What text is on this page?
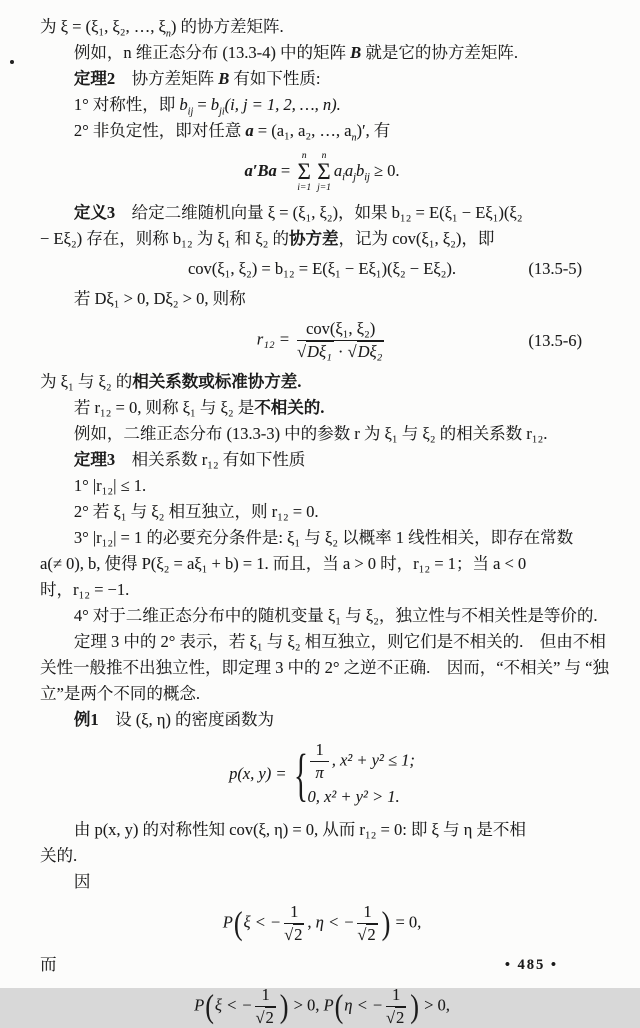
为 ξ = (ξ₁, ξ₂, …, $\xi_n$) 的协方差矩阵.

例如，n 维正态分布 (13.3-4) 中的矩阵 B 就是它的协方差矩阵.

定理2　协方差矩阵 B 有如下性质:

1° 对称性，即 $b_{ij} = b_{ji}(i$, j = 1, 2, …, n).

2° 非负定性，即对任意 a = (a₁, a₂, …, $a_n)'$, 有

a′Ba =
n
Σ
i=1
n
Σ
j=1
$a_ia_jb_{ij} \ge 0$.

定义3　给定二维随机向量 ξ = (ξ₁, ξ₂)，如果 b₁₂ = E(ξ₁ − Eξ₁)(ξ₂

− Eξ₂) 存在，则称 b₁₂ 为 ξ₁ 和 ξ₂ 的协方差，记为 cov(ξ₁, ξ₂)，即

cov(ξ₁, ξ₂) = b₁₂ = E(ξ₁ − Eξ₁)(ξ₂ − Eξ₂).	(13.5-5)

若 Dξ₁ > 0, Dξ₂ > 0, 则称

$r_{12} = \frac{\text{cov(ξ₁, ξ₂)}}{\text{√Dξ₁ · √Dξ₂}}$	(13.5-6)

为 ξ₁ 与 ξ₂ 的相关系数或标准协方差.

若 r₁₂ = 0, 则称 ξ₁ 与 ξ₂ 是不相关的.

例如，二维正态分布 (13.3-3) 中的参数 r 为 ξ₁ 与 ξ₂ 的相关系数 r₁₂.

定理3　相关系数 r₁₂ 有如下性质

1° |r₁₂| ≤ 1.

2° 若 ξ₁ 与 ξ₂ 相互独立，则 r₁₂ = 0.

3° |r₁₂| = 1 的必要充分条件是: ξ₁ 与 ξ₂ 以概率 1 线性相关，即存在常数

a(≠ 0), b, 使得 P(ξ₂ = aξ₁ + b) = 1. 而且，当 a > 0 时，r₁₂ = 1；当 a < 0

时，r₁₂ = −1.

4° 对于二维正态分布中的随机变量 ξ₁ 与 ξ₂，独立性与不相关性是等价的.

定理 3 中的 2° 表示，若 ξ₁ 与 ξ₂ 相互独立，则它们是不相关的.　但由不相

关性一般推不出独立性，即定理 3 中的 2° 之逆不正确.　因而，“不相关” 与 “独

立”是两个不同的概念.

例1　设 (ξ, η) 的密度函数为

p(x, y) = { $\frac{1}{\pi}$ , x² + y² ≤ 1;
0, x² + y² > 1.

由 p(x, y) 的对称性知 cov(ξ, η) = 0, 从而 r₁₂ = 0: 即 ξ 与 η 是不相

关的.

因

P(ξ < − $\frac{1}{√2}$ , η < − $\frac{1}{√2}$ ) = 0,

而

P(ξ < − $\frac{1}{√2}$ ) > 0, P(η < − $\frac{1}{√2}$ ) > 0,
• 485 •
